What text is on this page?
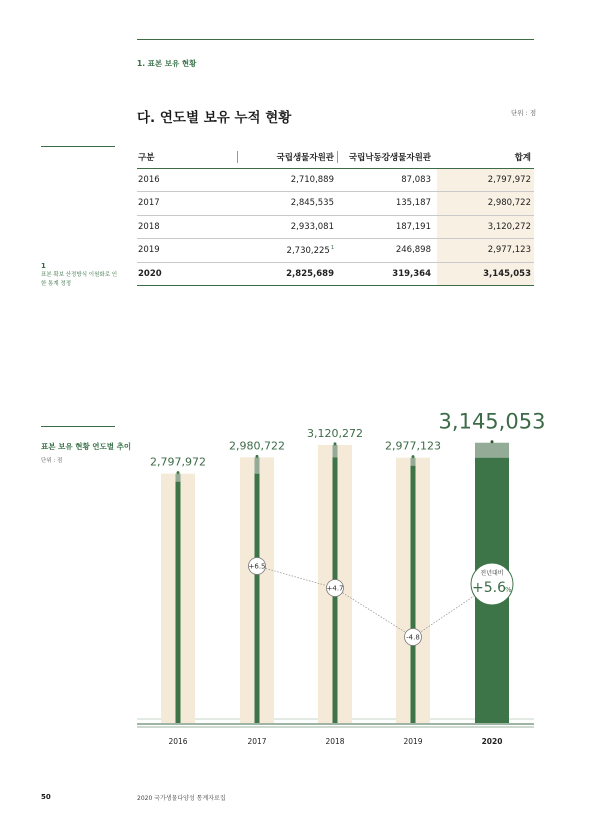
1. 표본 보유 현황
다. 연도별 보유 누적 현황	단위 : 점
구분	국립생물자원관	국립낙동강생물자원관	합계
2016	2,710,889	87,083	2,797,972
2017	2,845,535	135,187	2,980,722
2018	2,933,081	187,191	3,120,272
2019	2,730,225$^1$	246,898	2,977,123
2020	2,825,689	319,364	3,145,053
1
표본 확보 산정방식 이원화로 인한 통계 정정
표본 보유 현황 연도별 추이
단위 : 점	2,797,972
2,980,722
3,120,272
2,977,123
3,145,053
+6.5
+4.7
-4.8
전년대비
+5.6 %
2016	2017	2018	2019	2020
50	2020 국가생물다양성 통계자료집
